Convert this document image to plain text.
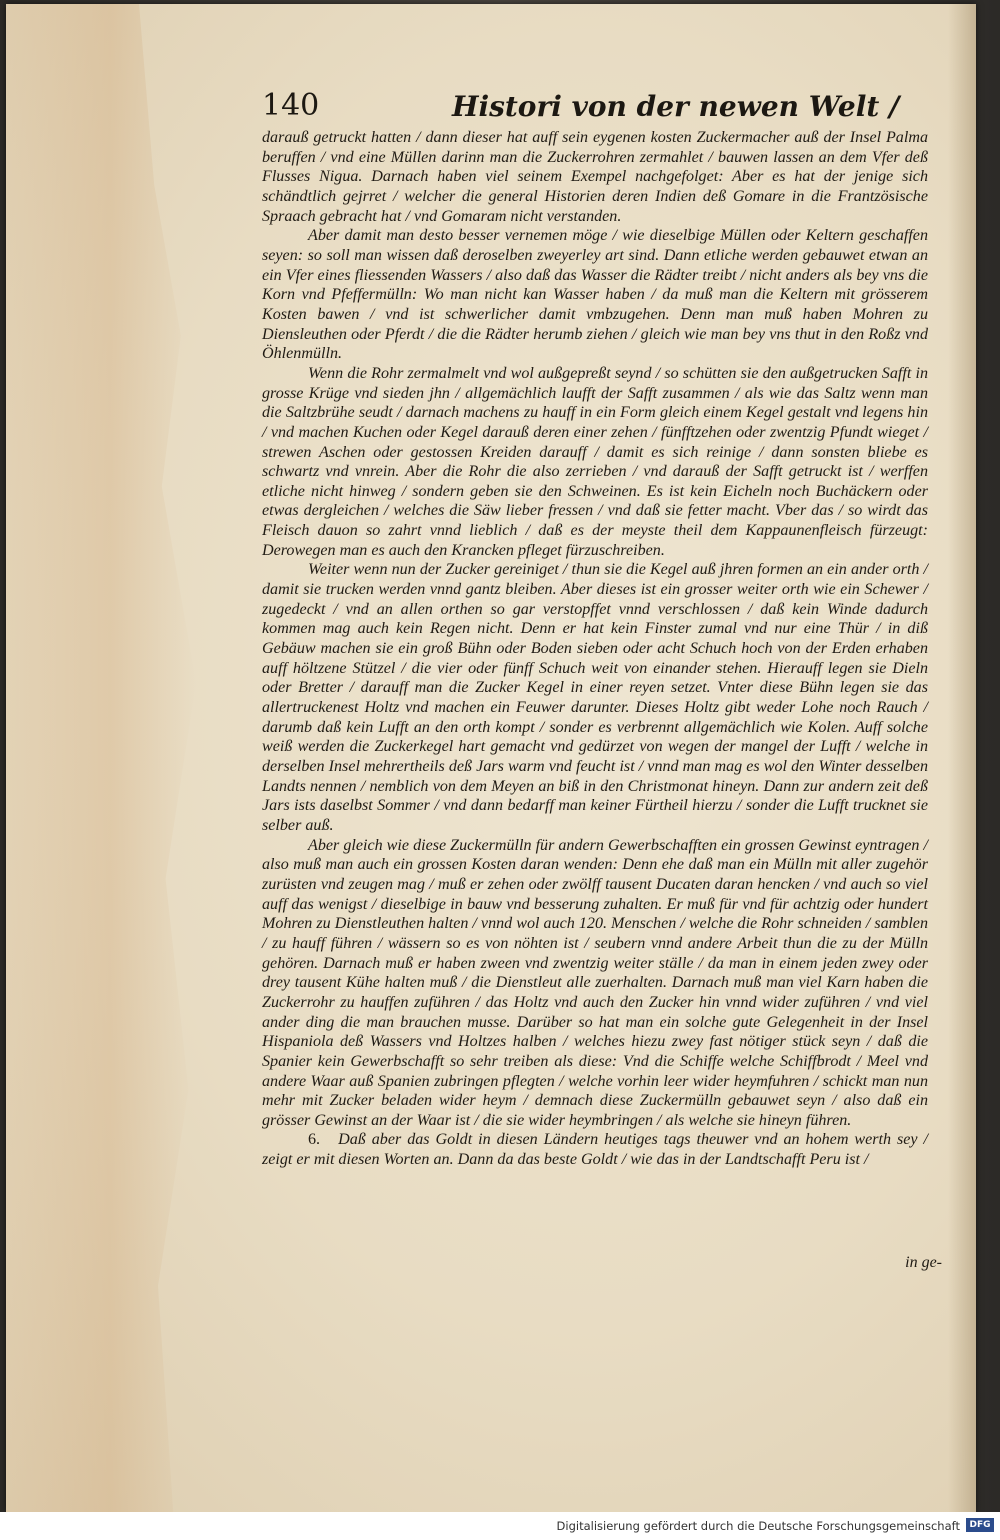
140	Histori von der newen Welt /

darauß getruckt hatten / dann dieser hat auff sein eygenen kosten Zuckermacher auß der Insel Palma beruffen / vnd eine Müllen darinn man die Zuckerrohren zermahlet / bauwen lassen an dem Vfer deß Flusses Nigua. Darnach haben viel seinem Exempel nachgefolget: Aber es hat der jenige sich schändtlich gejrret / welcher die general Historien deren Indien deß Gomare in die Frantzösische Spraach gebracht hat / vnd Gomaram nicht verstanden.

Aber damit man desto besser vernemen möge / wie dieselbige Müllen oder Keltern geschaffen seyen: so soll man wissen daß deroselben zweyerley art sind. Dann etliche werden gebauwet etwan an ein Vfer eines fliessenden Wassers / also daß das Wasser die Rädter treibt / nicht anders als bey vns die Korn vnd Pfeffermülln: Wo man nicht kan Wasser haben / da muß man die Keltern mit grösserem Kosten bawen / vnd ist schwerlicher damit vmbzugehen. Denn man muß haben Mohren zu Diensleuthen oder Pferdt / die die Rädter herumb ziehen / gleich wie man bey vns thut in den Roßz vnd Öhlenmülln.

Wenn die Rohr zermalmelt vnd wol außgepreßt seynd / so schütten sie den außgetrucken Safft in grosse Krüge vnd sieden jhn / allgemächlich laufft der Safft zusammen / als wie das Saltz wenn man die Saltzbrühe seudt / darnach machens zu hauff in ein Form gleich einem Kegel gestalt vnd legens hin / vnd machen Kuchen oder Kegel darauß deren einer zehen / fünfftzehen oder zwentzig Pfundt wieget / strewen Aschen oder gestossen Kreiden darauff / damit es sich reinige / dann sonsten bliebe es schwartz vnd vnrein. Aber die Rohr die also zerrieben / vnd darauß der Safft getruckt ist / werffen etliche nicht hinweg / sondern geben sie den Schweinen. Es ist kein Eicheln noch Buchäckern oder etwas dergleichen / welches die Säw lieber fressen / vnd daß sie fetter macht. Vber das / so wirdt das Fleisch dauon so zahrt vnnd lieblich / daß es der meyste theil dem Kappaunenfleisch fürzeugt: Derowegen man es auch den Krancken pfleget fürzuschreiben.

Weiter wenn nun der Zucker gereiniget / thun sie die Kegel auß jhren formen an ein ander orth / damit sie trucken werden vnnd gantz bleiben. Aber dieses ist ein grosser weiter orth wie ein Schewer / zugedeckt / vnd an allen orthen so gar verstopffet vnnd verschlossen / daß kein Winde dadurch kommen mag auch kein Regen nicht. Denn er hat kein Finster zumal vnd nur eine Thür / in diß Gebäuw machen sie ein groß Bühn oder Boden sieben oder acht Schuch hoch von der Erden erhaben auff höltzene Stützel / die vier oder fünff Schuch weit von einander stehen. Hierauff legen sie Dieln oder Bretter / darauff man die Zucker Kegel in einer reyen setzet. Vnter diese Bühn legen sie das allertruckenest Holtz vnd machen ein Feuwer darunter. Dieses Holtz gibt weder Lohe noch Rauch / darumb daß kein Lufft an den orth kompt / sonder es verbrennt allgemächlich wie Kolen. Auff solche weiß werden die Zuckerkegel hart gemacht vnd gedürzet von wegen der mangel der Lufft / welche in derselben Insel mehrertheils deß Jars warm vnd feucht ist / vnnd man mag es wol den Winter desselben Landts nennen / nemblich von dem Meyen an biß in den Christmonat hineyn. Dann zur andern zeit deß Jars ists daselbst Sommer / vnd dann bedarff man keiner Fürtheil hierzu / sonder die Lufft trucknet sie selber auß.

Aber gleich wie diese Zuckermülln für andern Gewerbschafften ein grossen Gewinst eyntragen / also muß man auch ein grossen Kosten daran wenden: Denn ehe daß man ein Mülln mit aller zugehör zurüsten vnd zeugen mag / muß er zehen oder zwölff tausent Ducaten daran hencken / vnd auch so viel auff das wenigst / dieselbige in bauw vnd besserung zuhalten. Er muß für vnd für achtzig oder hundert Mohren zu Dienstleuthen halten / vnnd wol auch 120. Menschen / welche die Rohr schneiden / samblen / zu hauff führen / wässern so es von nöhten ist / seubern vnnd andere Arbeit thun die zu der Mülln gehören. Darnach muß er haben zween vnd zwentzig weiter ställe / da man in einem jeden zwey oder drey tausent Kühe halten muß / die Dienstleut alle zuerhalten. Darnach muß man viel Karn haben die Zuckerrohr zu hauffen zuführen / das Holtz vnd auch den Zucker hin vnnd wider zuführen / vnd viel ander ding die man brauchen musse. Darüber so hat man ein solche gute Gelegenheit in der Insel Hispaniola deß Wassers vnd Holtzes halben / welches hiezu zwey fast nötiger stück seyn / daß die Spanier kein Gewerbschafft so sehr treiben als diese: Vnd die Schiffe welche Schiffbrodt / Meel vnd andere Waar auß Spanien zubringen pflegten / welche vorhin leer wider heymfuhren / schickt man nun mehr mit Zucker beladen wider heym / demnach diese Zuckermülln gebauwet seyn / also daß ein grösser Gewinst an der Waar ist / die sie wider heymbringen / als welche sie hineyn führen.

6. Daß aber das Goldt in diesen Ländern heutiges tags theuwer vnd an hohem werth sey / zeigt er mit diesen Worten an. Dann da das beste Goldt / wie das in der Landtschafft Peru ist /

in ge-
Digitalisierung gefördert durch die Deutsche Forschungsgemeinschaft	DFG
